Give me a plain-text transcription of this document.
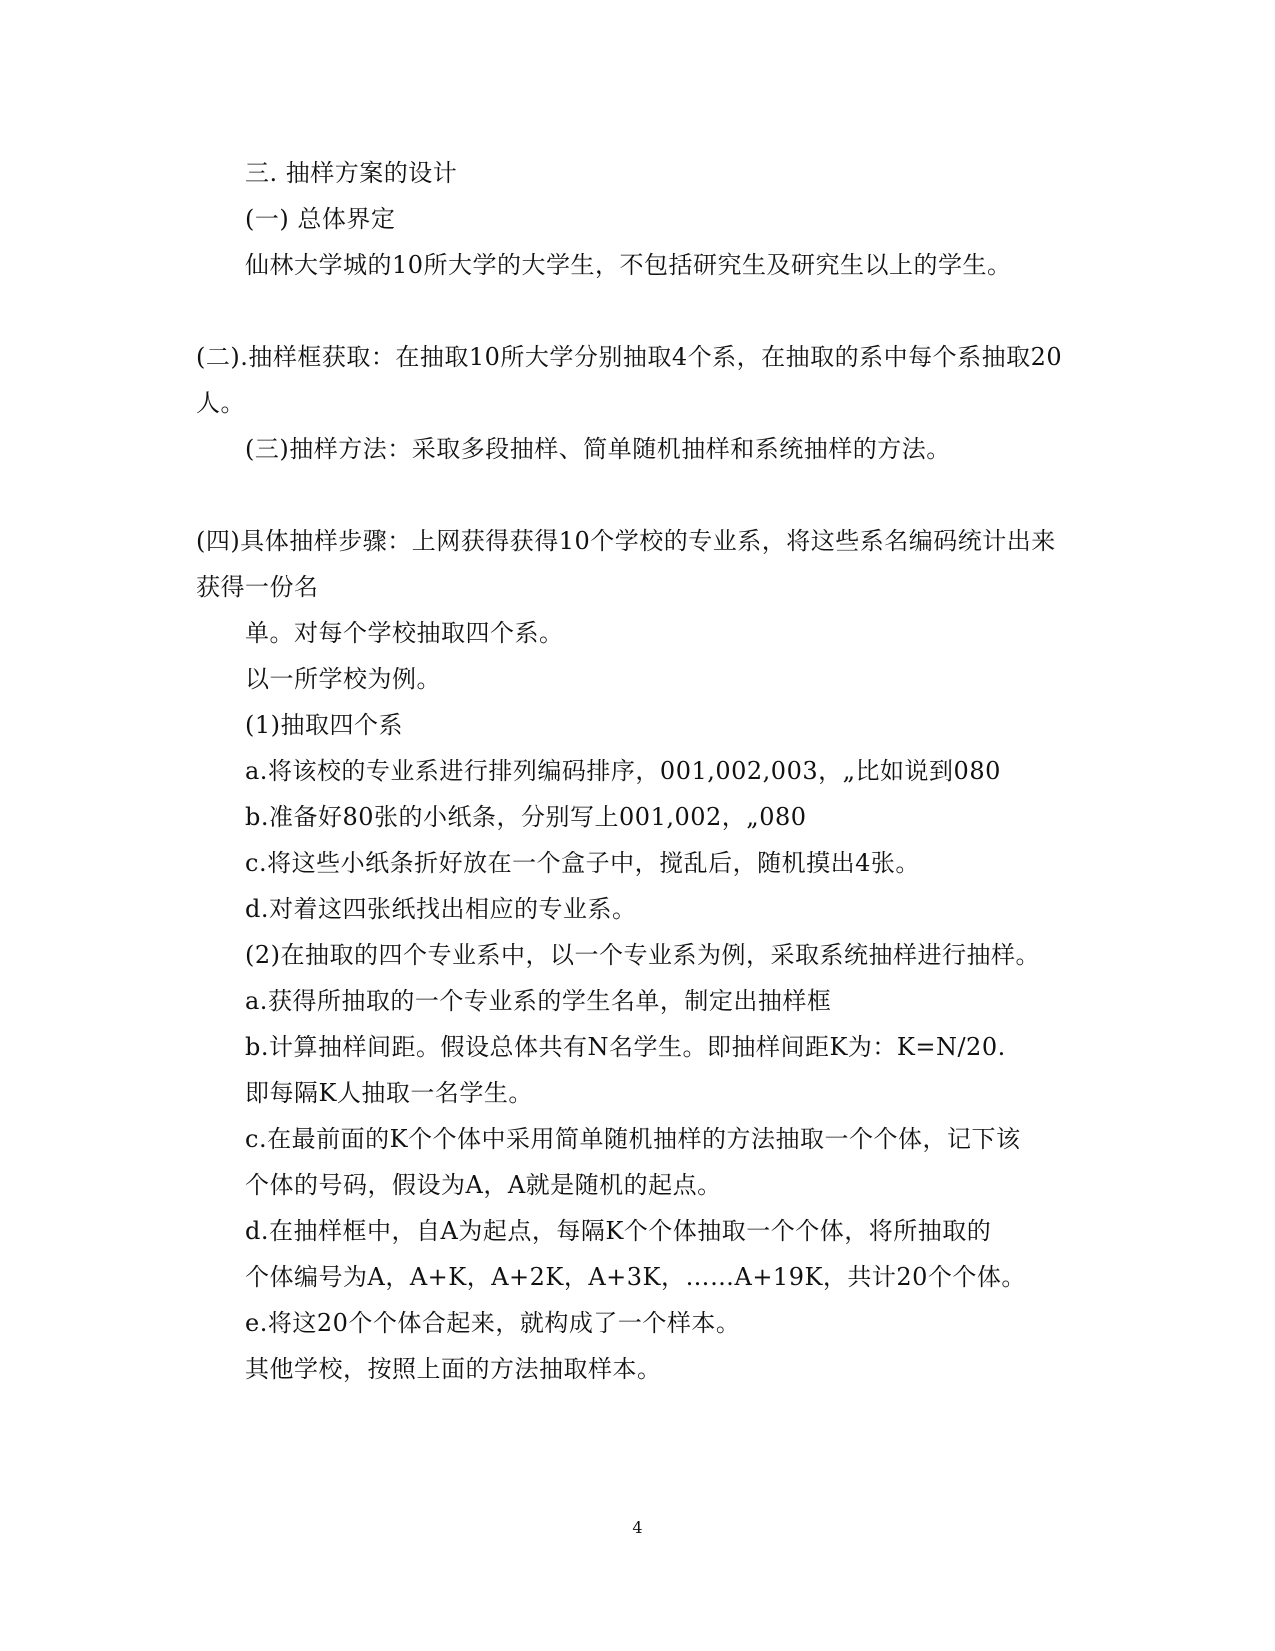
三. 抽样方案的设计
(一) 总体界定
仙林大学城的10所大学的大学生，不包括研究生及研究生以上的学生。
(二).抽样框获取：在抽取10所大学分别抽取4个系，在抽取的系中每个系抽取20
人。
(三)抽样方法：采取多段抽样、简单随机抽样和系统抽样的方法。
(四)具体抽样步骤：上网获得获得10个学校的专业系，将这些系名编码统计出来
获得一份名
单。对每个学校抽取四个系。
以一所学校为例。
(1)抽取四个系
a.将该校的专业系进行排列编码排序，001,002,003，„比如说到080
b.准备好80张的小纸条，分别写上001,002，„080
c.将这些小纸条折好放在一个盒子中，搅乱后，随机摸出4张。
d.对着这四张纸找出相应的专业系。
(2)在抽取的四个专业系中，以一个专业系为例，采取系统抽样进行抽样。
a.获得所抽取的一个专业系的学生名单，制定出抽样框
b.计算抽样间距。假设总体共有N名学生。即抽样间距K为：K=N/20.
即每隔K人抽取一名学生。
c.在最前面的K个个体中采用简单随机抽样的方法抽取一个个体，记下该
个体的号码，假设为A，A就是随机的起点。
d.在抽样框中，自A为起点，每隔K个个体抽取一个个体，将所抽取的
个体编号为A，A+K，A+2K，A+3K，……A+19K，共计20个个体。
e.将这20个个体合起来，就构成了一个样本。
其他学校，按照上面的方法抽取样本。
4
